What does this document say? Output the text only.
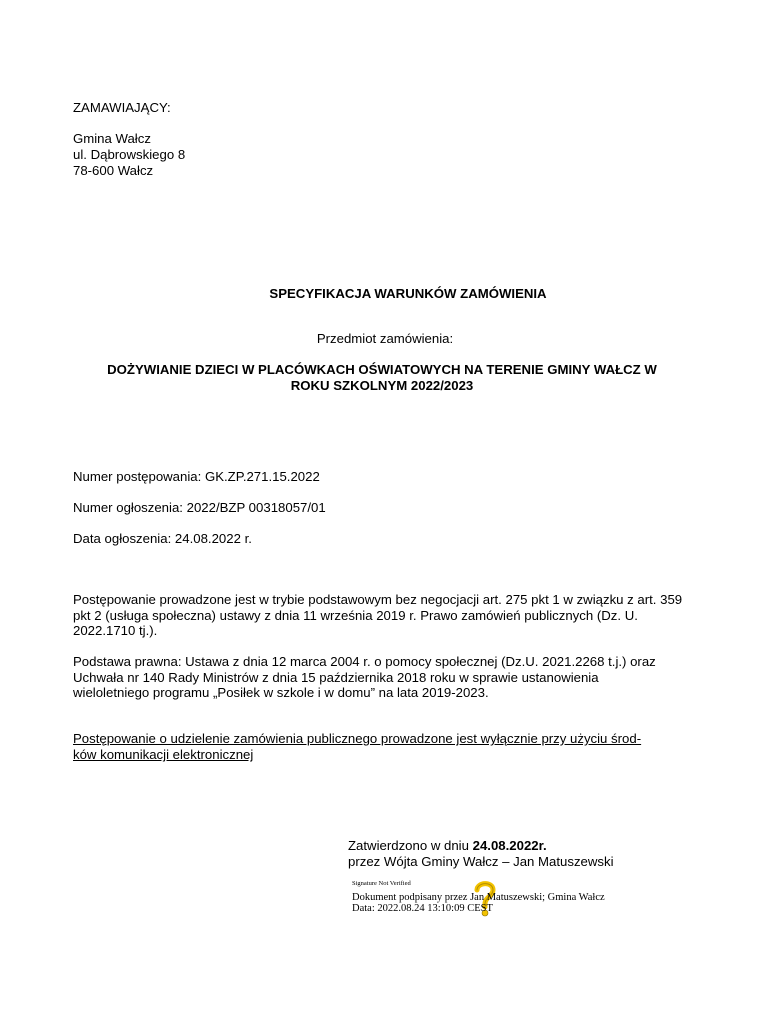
ZAMAWIAJĄCY:
Gmina Wałcz
ul. Dąbrowskiego 8
78-600 Wałcz
SPECYFIKACJA WARUNKÓW ZAMÓWIENIA
Przedmiot zamówienia:
DOŻYWIANIE DZIECI W PLACÓWKACH OŚWIATOWYCH NA TERENIE GMINY WAŁCZ W
ROKU SZKOLNYM 2022/2023
Numer postępowania: GK.ZP.271.15.2022
Numer ogłoszenia: 2022/BZP 00318057/01
Data ogłoszenia: 24.08.2022 r.
Postępowanie prowadzone jest w trybie podstawowym bez negocjacji art. 275 pkt 1 w związku z art. 359 pkt 2 (usługa społeczna) ustawy z dnia 11 września 2019 r. Prawo zamówień publicznych (Dz. U. 2022.1710 tj.).
Podstawa prawna: Ustawa z dnia 12 marca 2004 r. o pomocy społecznej (Dz.U. 2021.2268 t.j.) oraz Uchwała nr 140 Rady Ministrów z dnia 15 października 2018 roku w sprawie ustanowienia wieloletniego programu „Posiłek w szkole i w domu” na lata 2019-2023.
Postępowanie o udzielenie zamówienia publicznego prowadzone jest wyłącznie przy użyciu środ-
ków komunikacji elektronicznej
Zatwierdzono w dniu 24.08.2022r.
przez Wójta Gminy Wałcz – Jan Matuszewski
Signature Not Verified
Dokument podpisany przez Jan Matuszewski; Gmina Wałcz
Data: 2022.08.24 13:10:09 CEST
